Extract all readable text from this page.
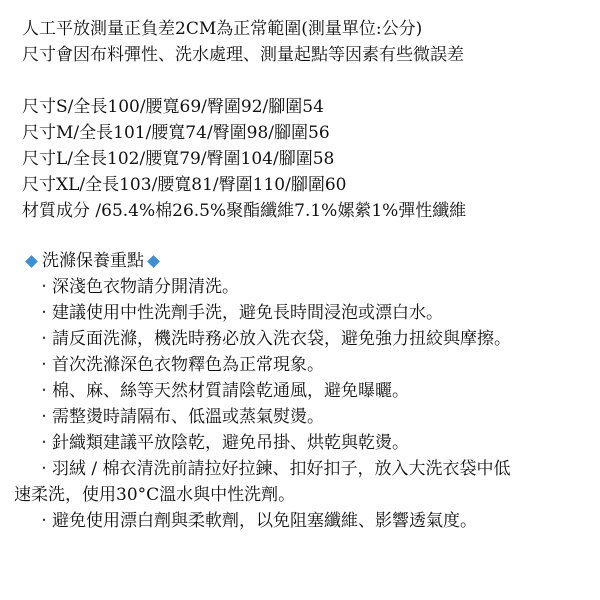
人工平放測量正負差2CM為正常範圍(測量單位:公分)
尺寸會因布料彈性、洗水處理、測量起點等因素有些微誤差
尺寸S/全長100/腰寬69/臀圍92/腳圍54
尺寸M/全長101/腰寬74/臀圍98/腳圍56
尺寸L/全長102/腰寬79/臀圍104/腳圍58
尺寸XL/全長103/腰寬81/臀圍110/腳圍60
材質成分 /65.4%棉26.5%聚酯纖維7.1%嫘縈1%彈性纖維
洗滌保養重點
‧ 深淺色衣物請分開清洗。
‧ 建議使用中性洗劑手洗，避免長時間浸泡或漂白水。
‧ 請反面洗滌，機洗時務必放入洗衣袋，避免強力扭絞與摩擦。
‧ 首次洗滌深色衣物釋色為正常現象。
‧ 棉、麻、絲等天然材質請陰乾通風，避免曝曬。
‧ 需整燙時請隔布、低溫或蒸氣熨燙。
‧ 針織類建議平放陰乾，避免吊掛、烘乾與乾燙。
‧ 羽絨 / 棉衣清洗前請拉好拉鍊、扣好扣子，放入大洗衣袋中低
速柔洗，使用30°C溫水與中性洗劑。
‧ 避免使用漂白劑與柔軟劑，以免阻塞纖維、影響透氣度。
